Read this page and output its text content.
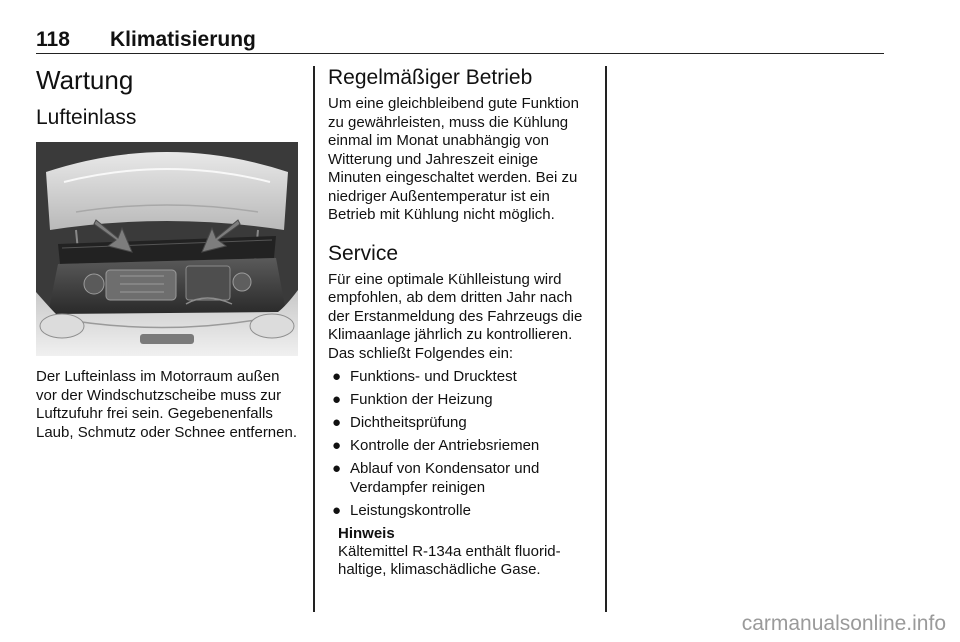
118 Klimatisierung
Wartung
Lufteinlass

Der Lufteinlass im Motorraum außen vor der Windschutzscheibe muss zur Luftzufuhr frei sein. Gegebenenfalls Laub, Schmutz oder Schnee entfernen.

Regelmäßiger Betrieb

Um eine gleichbleibend gute Funktion zu gewährleisten, muss die Kühlung einmal im Monat unabhängig von Witterung und Jahreszeit einige Minuten eingeschaltet werden. Bei zu niedriger Außentemperatur ist ein Betrieb mit Kühlung nicht möglich.

Service

Für eine optimale Kühlleistung wird empfohlen, ab dem dritten Jahr nach der Erstanmeldung des Fahrzeugs die Klimaanlage jährlich zu kontrollieren. Das schließt Folgendes ein:

● Funktions- und Drucktest
● Funktion der Heizung
● Dichtheitsprüfung
● Kontrolle der Antriebsriemen
● Ablauf von Kondensator und Verdampfer reinigen
● Leistungskontrolle
Hinweis

Kältemittel R-134a enthält fluoridhaltige, klimaschädliche Gase.

carmanualsonline.info
